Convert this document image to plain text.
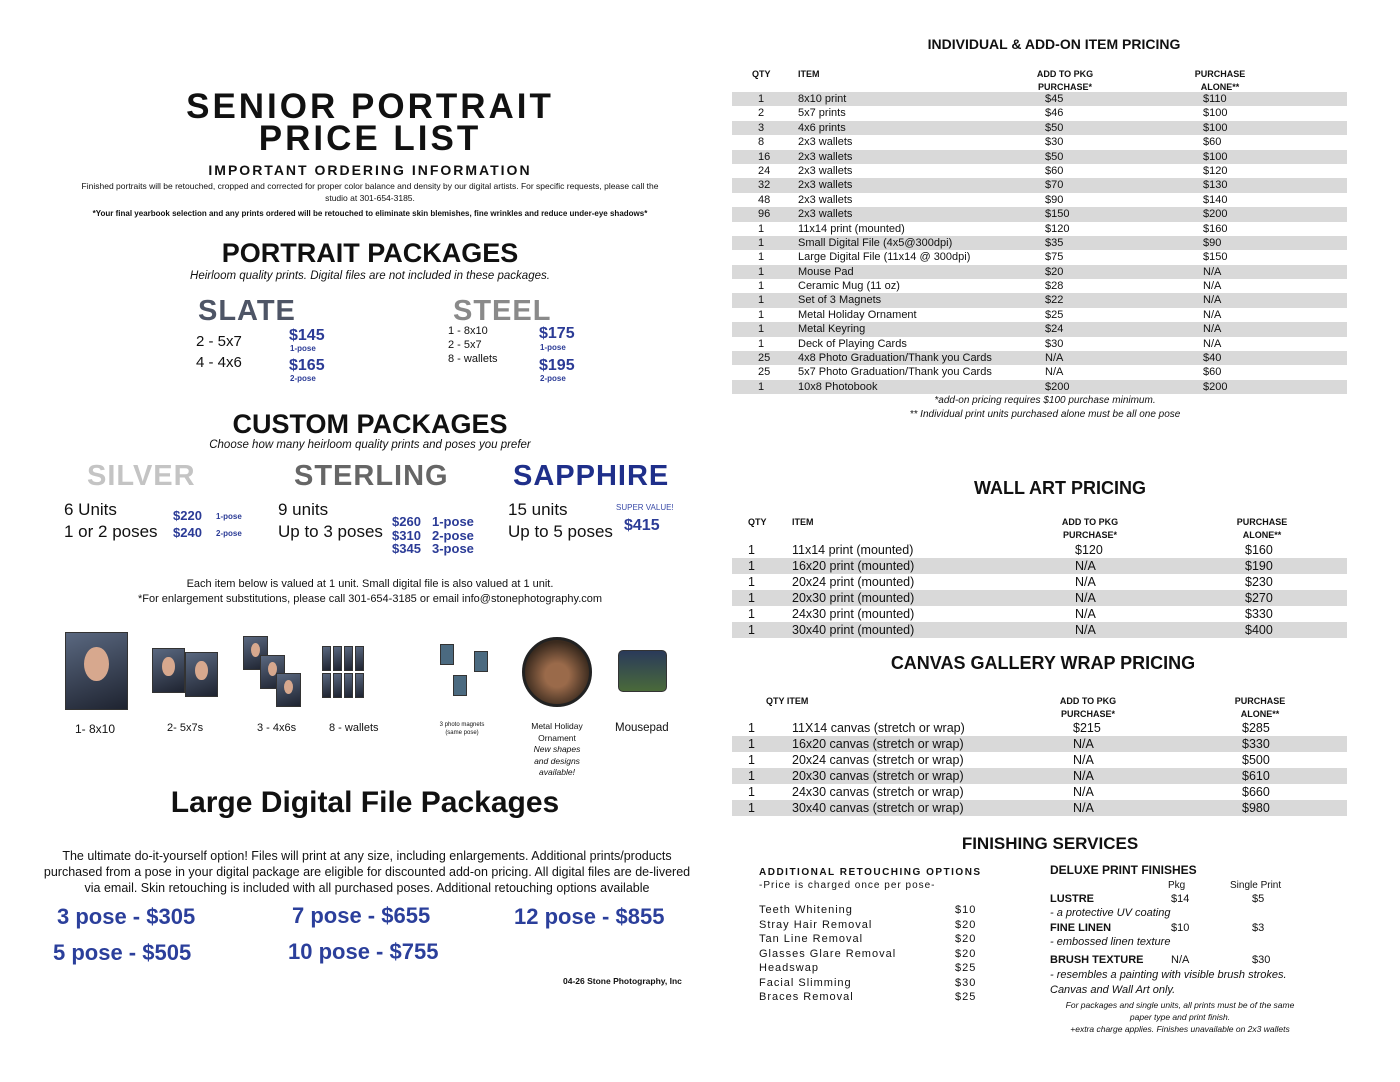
SENIOR PORTRAIT
PRICE LIST
IMPORTANT ORDERING INFORMATION
Finished portraits will be retouched, cropped and corrected for proper color balance and density by our digital artists. For specific requests, please call the
studio at 301-654-3185.
*Your final yearbook selection and any prints ordered will be retouched to eliminate skin blemishes, fine wrinkles and reduce under-eye shadows*
PORTRAIT PACKAGES
Heirloom quality prints. Digital files are not included in these packages.
SLATE
2 - 5x7
4 - 4x6
$145
1-pose
$165
2-pose
STEEL
1 - 8x10
2 - 5x7
8 - wallets
$175
1-pose
$195
2-pose
CUSTOM PACKAGES
Choose how many heirloom quality prints and poses you prefer
SILVER
6 Units
1 or 2 poses
$220 1-pose
$240 2-pose
STERLING
9 units
Up to 3 poses
$260 1-pose
$310 2-pose
$345 3-pose
SAPPHIRE
15 units
Up to 5 poses
SUPER VALUE!
$415
Each item below is valued at 1 unit. Small digital file is also valued at 1 unit.
*For enlargement substitutions, please call 301-654-3185 or email info@stonephotography.com
1- 8x10	2- 5x7s	3 - 4x6s	8 - wallets	3 photo magnets
(same pose)
Metal Holiday
Ornament
New shapes
and designs
available!
Mousepad
Large Digital File Packages
The ultimate do-it-yourself option! Files will print at any size, including enlargements. Additional prints/products purchased from a pose in your digital package are eligible for discounted add-on pricing. All digital files are de-livered via email. Skin retouching is included with all purchased poses. Additional retouching options available
3 pose - $305	7 pose - $655	12 pose - $855
5 pose - $505	10 pose - $755
04-26 Stone Photography, Inc
INDIVIDUAL & ADD-ON ITEM PRICING
QTY	ITEM	ADD TO PKG
PURCHASE*
PURCHASE
ALONE**
1	8x10 print	$45	$110
2	5x7 prints	$46	$100
3	4x6 prints	$50	$100
8	2x3 wallets	$30	$60
16	2x3 wallets	$50	$100
24	2x3 wallets	$60	$120
32	2x3 wallets	$70	$130
48	2x3 wallets	$90	$140
96	2x3 wallets	$150	$200
1	11x14 print (mounted)	$120	$160
1	Small Digital File (4x5@300dpi)	$35	$90
1	Large Digital File (11x14 @ 300dpi)	$75	$150
1	Mouse Pad	$20	N/A
1	Ceramic Mug (11 oz)	$28	N/A
1	Set of 3 Magnets	$22	N/A
1	Metal Holiday Ornament	$25	N/A
1	Metal Keyring	$24	N/A
1	Deck of Playing Cards	$30	N/A
25	4x8 Photo Graduation/Thank you Cards	N/A	$40
25	5x7 Photo Graduation/Thank you Cards	N/A	$60
1	10x8 Photobook	$200	$200
*add-on pricing requires $100 purchase minimum.
** Individual print units purchased alone must be all one pose
WALL ART PRICING
QTY	ITEM	ADD TO PKG
PURCHASE*
PURCHASE
ALONE**
1	11x14 print (mounted)	$120	$160
1	16x20 print (mounted)	N/A	$190
1	20x24 print (mounted)	N/A	$230
1	20x30 print (mounted)	N/A	$270
1	24x30 print (mounted)	N/A	$330
1	30x40 print (mounted)	N/A	$400
CANVAS GALLERY WRAP PRICING
QTY ITEM	ADD TO PKG
PURCHASE*
PURCHASE
ALONE**
1	11X14 canvas (stretch or wrap)	$215	$285
1	16x20 canvas (stretch or wrap)	N/A	$330
1	20x24 canvas (stretch or wrap)	N/A	$500
1	20x30 canvas (stretch or wrap)	N/A	$610
1	24x30 canvas (stretch or wrap)	N/A	$660
1	30x40 canvas (stretch or wrap)	N/A	$980
FINISHING SERVICES
ADDITIONAL RETOUCHING OPTIONS
-Price is charged once per pose-
Teeth Whitening	$10
Stray Hair Removal	$20
Tan Line Removal	$20
Glasses Glare Removal	$20
Headswap	$25
Facial Slimming	$30
Braces Removal	$25
DELUXE PRINT FINISHES
Pkg	Single Print
LUSTRE	$14	$5
- a protective UV coating
FINE LINEN	$10	$3
- embossed linen texture
BRUSH TEXTURE N/A	$30
- resembles a painting with visible brush strokes.
Canvas and Wall Art only.
For packages and single units, all prints must be of the same
paper type and print finish.
+extra charge applies. Finishes unavailable on 2x3 wallets
